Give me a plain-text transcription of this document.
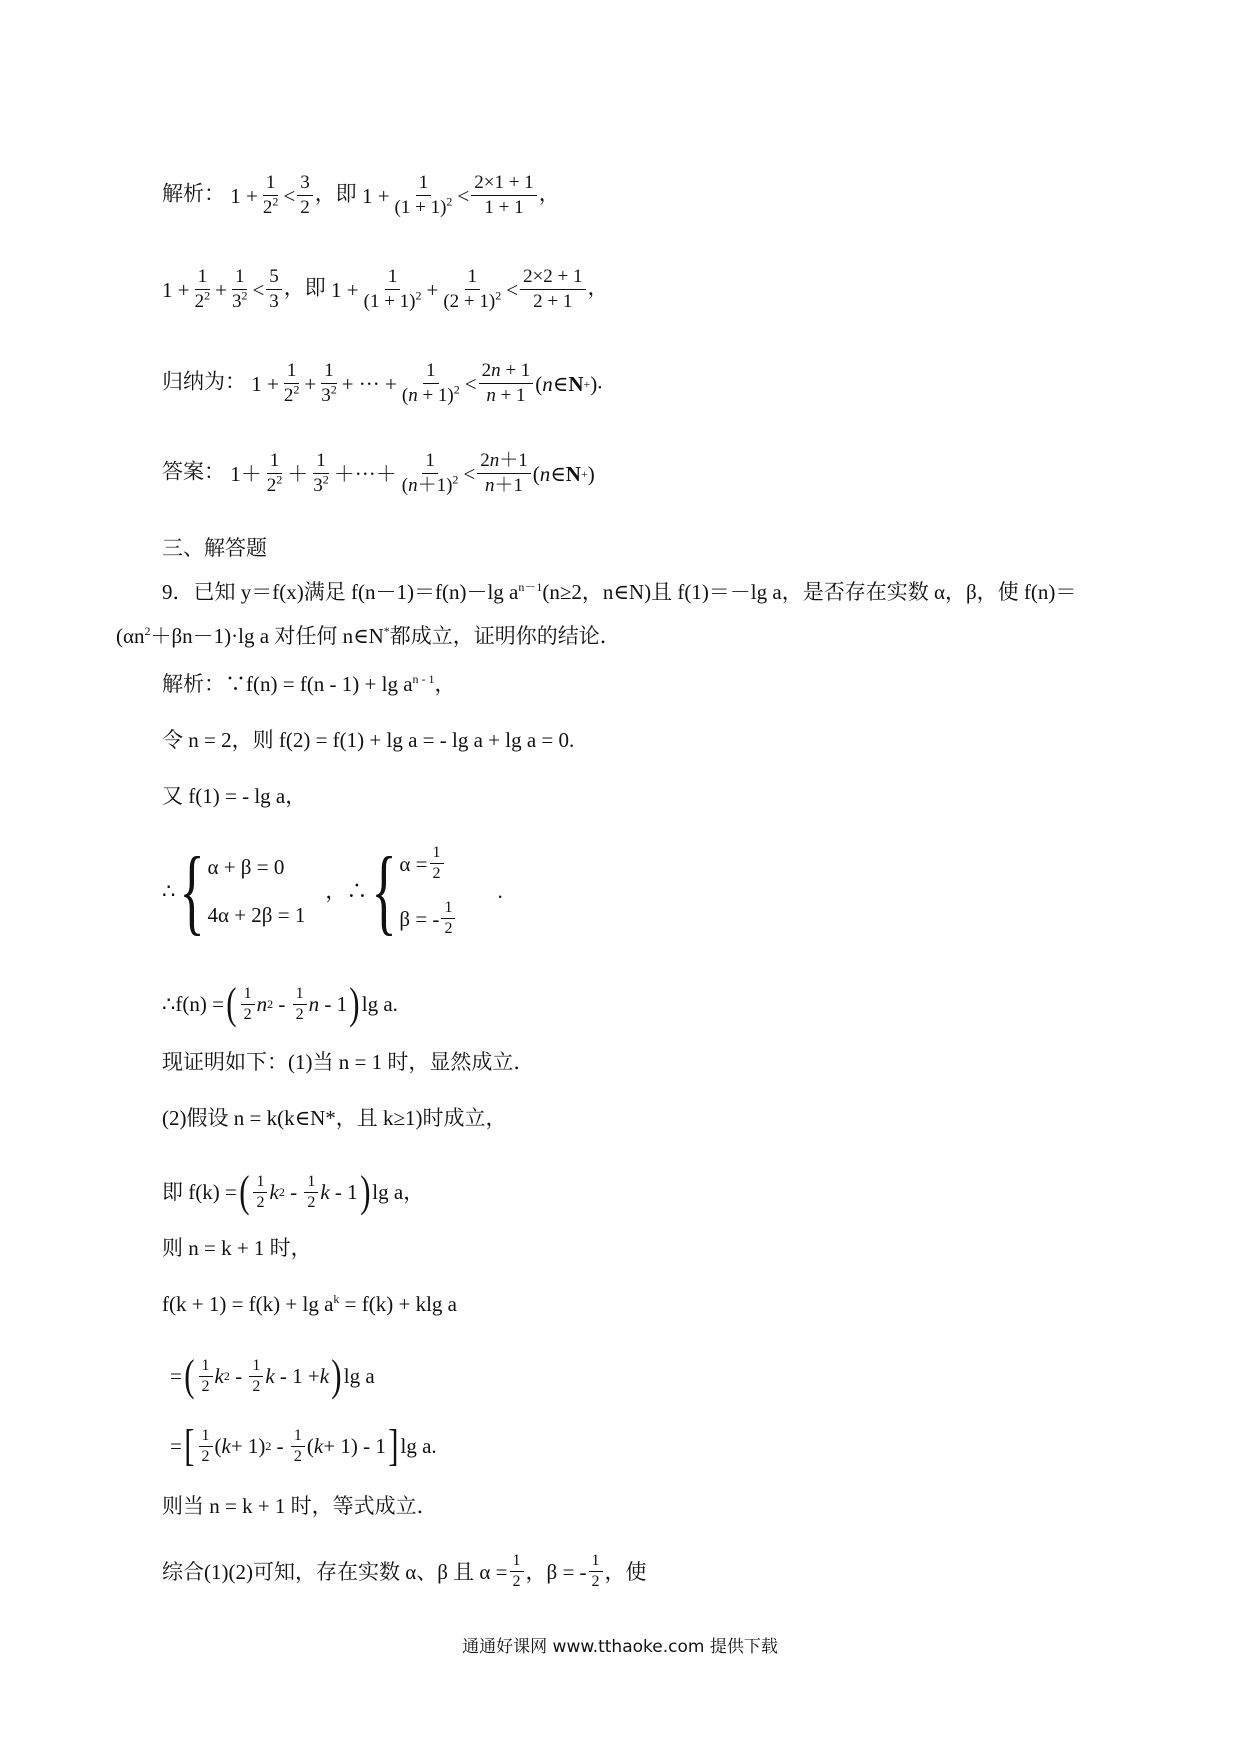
解析： $1 + \frac{1}{2^2} < \frac{3}{2}$ ，即 $1 + \frac{1}{(1 + 1)^2} < \frac{2\times 1 + 1}{1 + 1}$ ，
$1 + \frac{1}{2^2} + \frac{1}{3^2} < \frac{5}{3}$ ，即 $1 + \frac{1}{(1 + 1)^2} + \frac{1}{(2 + 1)^2} < \frac{2\times 2 + 1}{2 + 1}$ ，
归纳为： $1 + \frac{1}{2^2} + \frac{1}{3^2}$ + ··· + $\frac{1}{(n + 1)^2} < \frac{2n + 1}{n + 1}$ ( n ∈ N + ).
答案： $1+ \frac{1}{2^2} + \frac{1}{3^2}$ ＋···＋ $\frac{1}{(n+1)^2} < \frac{2n+1}{n+1}$ ( n ∈ N + )
三、解答题
9．已知 y＝f(x)满足 f(n－1)＝f(n)－lg $a^{n-1}(n\ge 2$，n∈N)且 f(1)＝－lg a，是否存在实数 α，β，使 f(n)＝
$(\alpha n^2+\beta n-1)\cdot\lg$ a 对任何 n∈N*都成立，证明你的结论．
解析：∵f(n) = $f(n - 1) + \lg a^{n - 1}$，
令 n = 2，则 f(2) = f(1) + lg a = - lg a + lg a = 0.
又 f(1) = - lg a，
∴ { α + β = 0
4α + 2β = 1
，∴ { $\alpha = \frac{1}{2}$
β = - $\frac{1}{2}$
.
∴f(n) = ( $\frac{1}{2}$ n $2 - \frac{1}{2}$ n - 1 ) lg a.
现证明如下：(1)当 n = 1 时，显然成立．
(2)假设 n = k(k∈N*，且 k≥1)时成立，
即 f(k) = ( $\frac{1}{2}$ k $2 - \frac{1}{2}$ k - 1 ) lg a，
则 n = k + 1 时，
$f(k + 1) = f(k) + \lg a^k = f(k) + klg$ a
= ( $\frac{1}{2}$ k $2 - \frac{1}{2}$ k - 1 + k ) lg a
= [ $\frac{1}{2}$ ( k + 1) $2 - \frac{1}{2}$ ( k + 1) - 1 ] lg a.
则当 n = k + 1 时，等式成立．
综合(1)(2)可知，存在实数 α、β 且 $\alpha = \frac{1}{2}$ ，β = - $\frac{1}{2}$ ，使
通通好课网 www.tthaoke.com 提供下载
